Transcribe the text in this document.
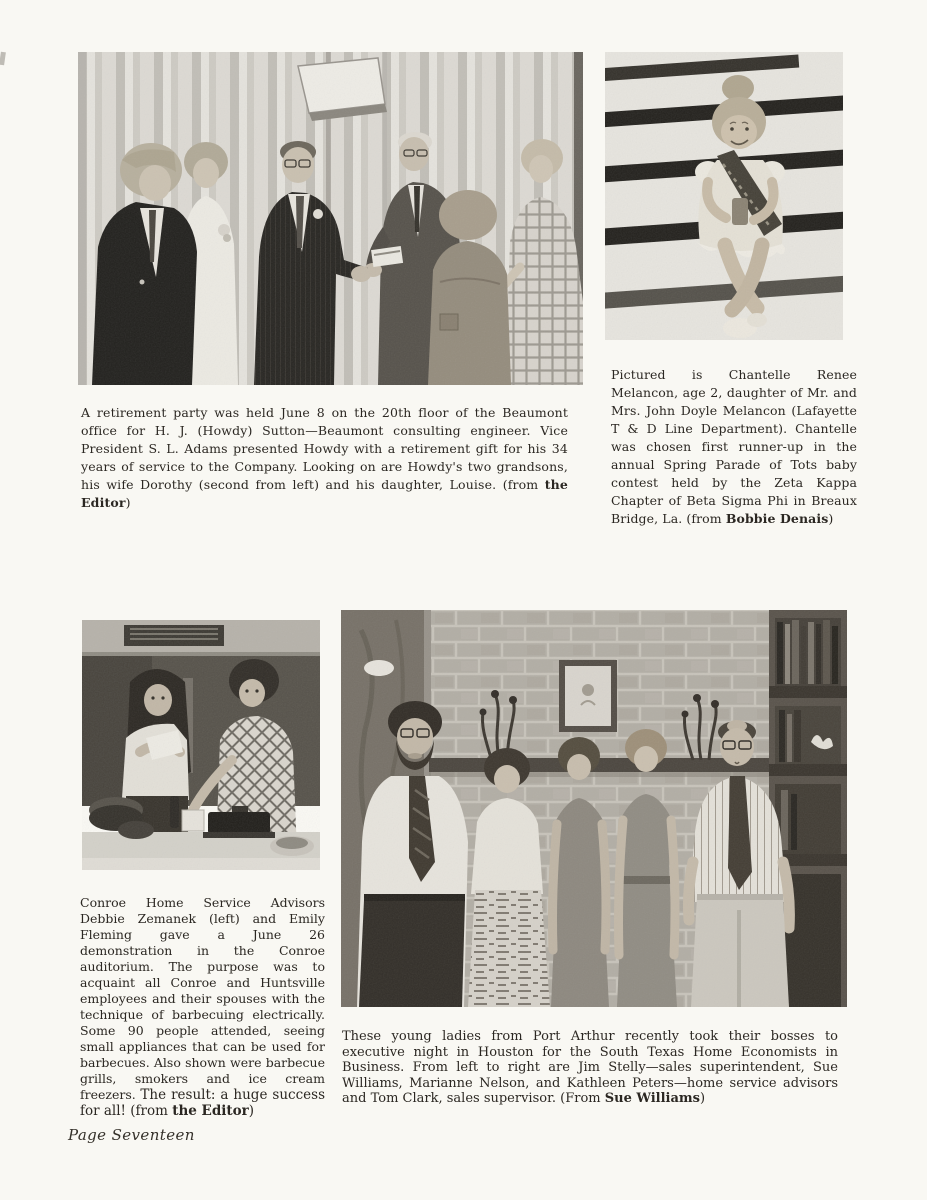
A retirement party was held June 8 on the 20th floor of the Beaumont office for H. J. (Howdy) Sutton—Beaumont consulting engineer. Vice President S. L. Adams presented Howdy with a retirement gift for his 34 years of service to the Company. Looking on are Howdy's two grandsons, his wife Dorothy (second from left) and his daughter, Louise. (from the Editor)

Pictured is Chantelle Renee Melancon, age 2, daughter of Mr. and Mrs. John Doyle Melancon (Lafayette T & D Line Department). Chantelle was chosen first runner-up in the annual Spring Parade of Tots baby contest held by the Zeta Kappa Chapter of Beta Sigma Phi in Breaux Bridge, La. (from Bobbie Denais)

Conroe Home Service Advisors Debbie Zemanek (left) and Emily Fleming gave a June 26 demonstration in the Conroe auditorium. The purpose was to acquaint all Conroe and Huntsville employees and their spouses with the technique of barbecuing electrically. Some 90 people attended, seeing small appliances that can be used for barbecues. Also shown were barbecue grills, smokers and ice cream freezers. The result: a huge success for all! (from the Editor)

These young ladies from Port Arthur recently took their bosses to executive night in Houston for the South Texas Home Economists in Business. From left to right are Jim Stelly—sales superintendent, Sue Williams, Marianne Nelson, and Kathleen Peters—home service advisors and Tom Clark, sales supervisor. (From Sue Williams)

Page Seventeen
